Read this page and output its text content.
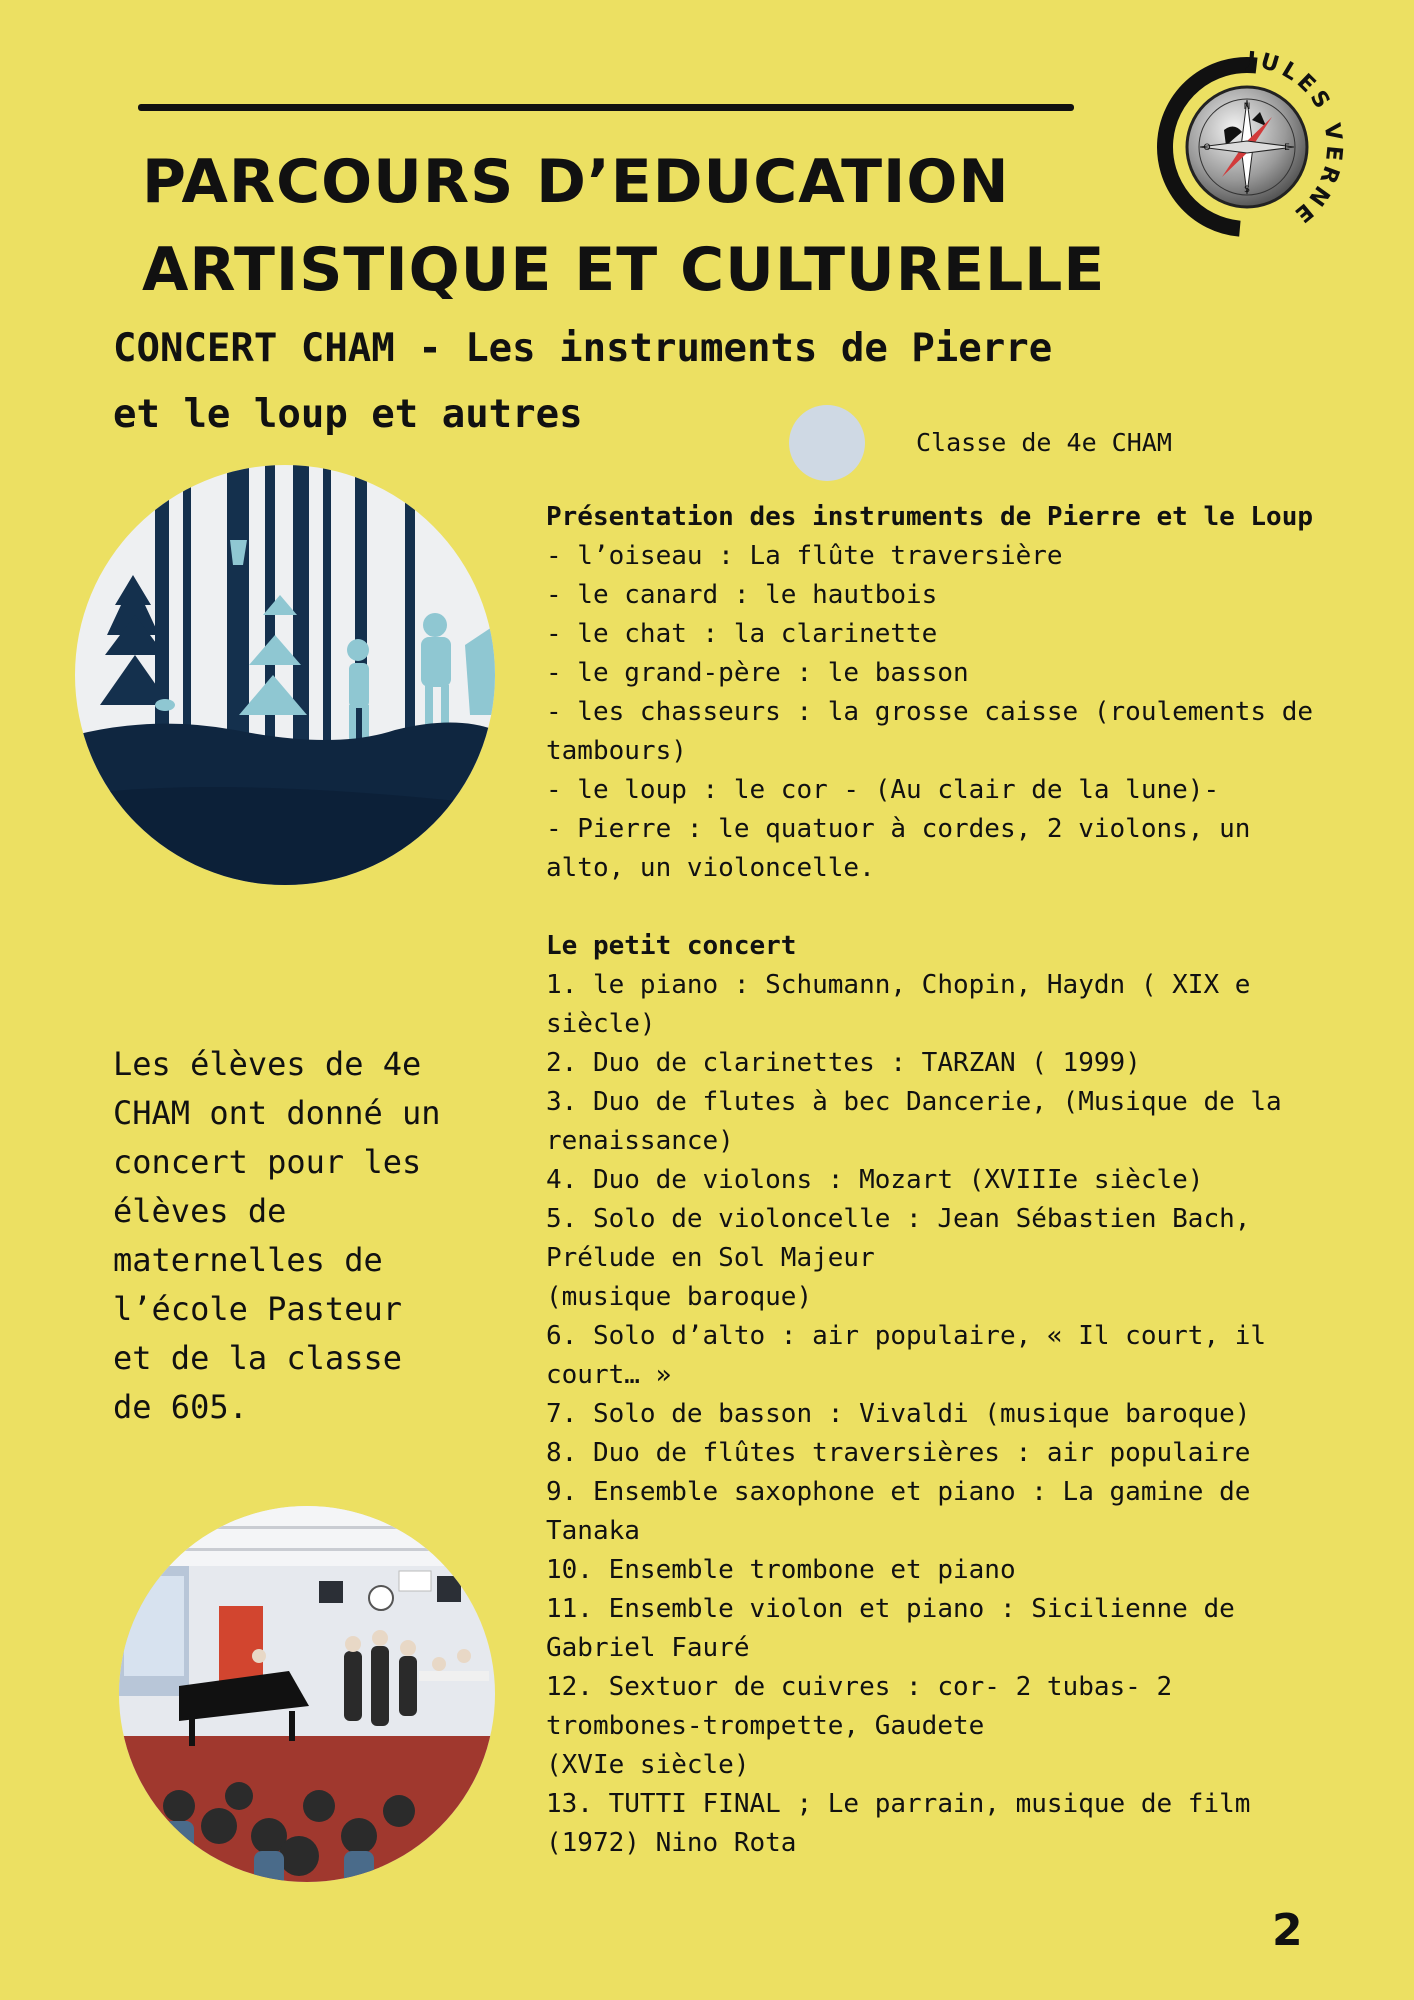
PARCOURS D’EDUCATION
ARTISTIQUE ET CULTURELLE
N
E
S
O
JULES VERNE
CONCERT CHAM - Les instruments de Pierre
et le loup et autres
Classe de 4e CHAM
Les élèves de 4e
CHAM ont donné un
concert pour les
élèves de
maternelles de
l’école Pasteur
et de la classe
de 605.
Présentation des instruments de Pierre et le Loup
- l’oiseau : La flûte traversière
- le canard : le hautbois
- le chat : la clarinette
- le grand-père : le basson
- les chasseurs : la grosse caisse (roulements de tambours)
- le loup : le cor - (Au clair de la lune)-
- Pierre : le quatuor à cordes, 2 violons, un alto, un violoncelle.
Le petit concert
1. le piano : Schumann, Chopin, Haydn ( XIX e siècle)
2. Duo de clarinettes : TARZAN ( 1999)
3. Duo de flutes à bec Dancerie, (Musique de la renaissance)
4. Duo de violons : Mozart (XVIIIe siècle)
5. Solo de violoncelle : Jean Sébastien Bach, Prélude en Sol Majeur
(musique baroque)
6. Solo d’alto : air populaire, « Il court, il court… »
7. Solo de basson : Vivaldi (musique baroque)
8. Duo de flûtes traversières : air populaire
9. Ensemble saxophone et piano : La gamine de Tanaka
10. Ensemble trombone et piano
11. Ensemble violon et piano : Sicilienne de Gabriel Fauré
12. Sextuor de cuivres : cor- 2 tubas- 2 trombones-trompette, Gaudete
(XVIe siècle)
13. TUTTI FINAL ; Le parrain, musique de film (1972) Nino Rota
2
